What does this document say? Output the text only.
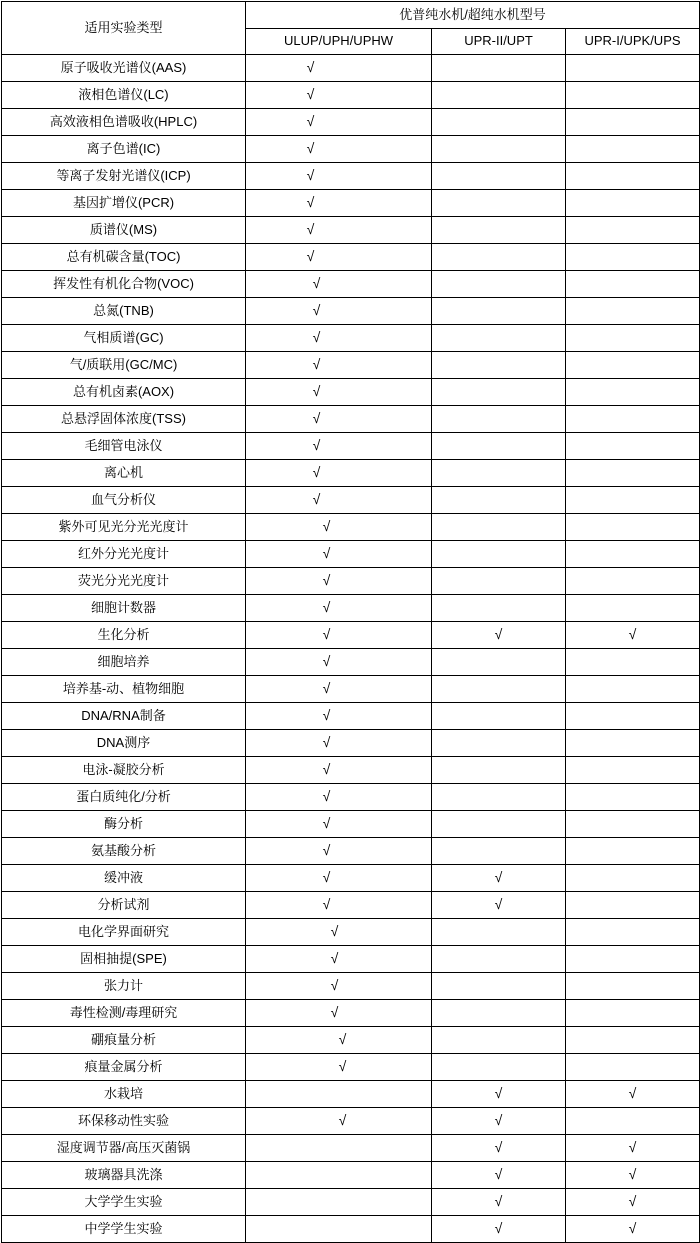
适用实验类型	优普纯水机/超纯水机型号		
	ULUP/UPH/UPHW	UPR-II/UPT	UPR-I/UPK/UPS
原子吸收光谱仪(AAS)	√		
液相色谱仪(LC)	√		
高效液相色谱吸收(HPLC)	√		
离子色谱(IC)	√		
等离子发射光谱仪(ICP)	√		
基因扩增仪(PCR)	√		
质谱仪(MS)	√		
总有机碳含量(TOC)	√		
挥发性有机化合物(VOC)	√		
总氮(TNB)	√		
气相质谱(GC)	√		
气/质联用(GC/MC)	√		
总有机卤素(AOX)	√		
总悬浮固体浓度(TSS)	√		
毛细管电泳仪	√		
离心机	√		
血气分析仪	√		
紫外可见光分光光度计	√		
红外分光光度计	√		
荧光分光光度计	√		
细胞计数器	√		
生化分析	√	√	√
细胞培养	√		
培养基-动、植物细胞	√		
DNA/RNA制备	√		
DNA测序	√		
电泳-凝胶分析	√		
蛋白质纯化/分析	√		
酶分析	√		
氨基酸分析	√		
缓冲液	√	√	
分析试剂	√	√	
电化学界面研究	√		
固相抽提(SPE)	√		
张力计	√		
毒性检测/毒理研究	√		
硼痕量分析	√		
痕量金属分析	√		
水栽培		√	√
环保移动性实验	√	√	
湿度调节器/高压灭菌锅		√	√
玻璃器具洗涤		√	√
大学学生实验		√	√
中学学生实验		√	√
